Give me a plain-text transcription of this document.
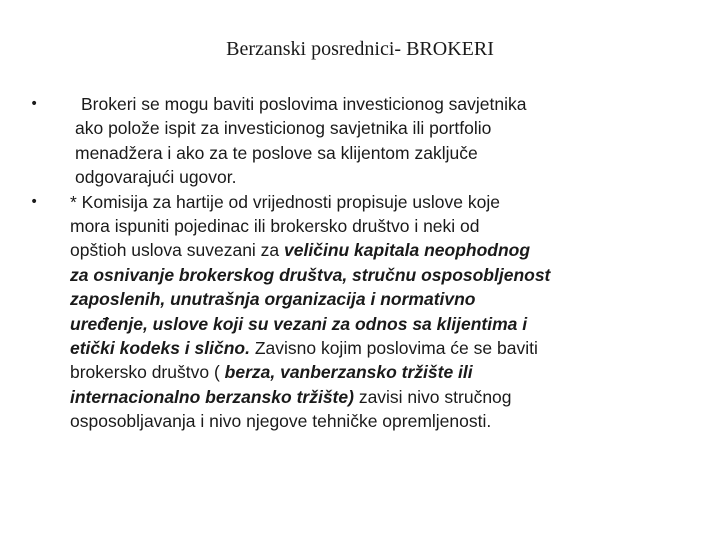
Berzanski posrednici- BROKERI
• Brokeri se mogu baviti poslovima investicionog savjetnika
ako polože ispit za investicionog savjetnika ili portfolio
menadžera i ako za te poslove sa klijentom zaključe
odgovarajući ugovor.
• * Komisija za hartije od vrijednosti propisuje uslove koje
mora ispuniti pojedinac ili brokersko društvo i neki od
opštioh uslova suvezani za veličinu kapitala neophodnog
za osnivanje brokerskog društva, stručnu osposobljenost
zaposlenih, unutrašnja organizacija i normativno
uređenje, uslove koji su vezani za odnos sa klijentima i
etički kodeks i slično. Zavisno kojim poslovima će se baviti
brokersko društvo ( berza, vanberzansko tržište ili
internacionalno berzansko tržište) zavisi nivo stručnog
osposobljavanja i nivo njegove tehničke opremljenosti.
